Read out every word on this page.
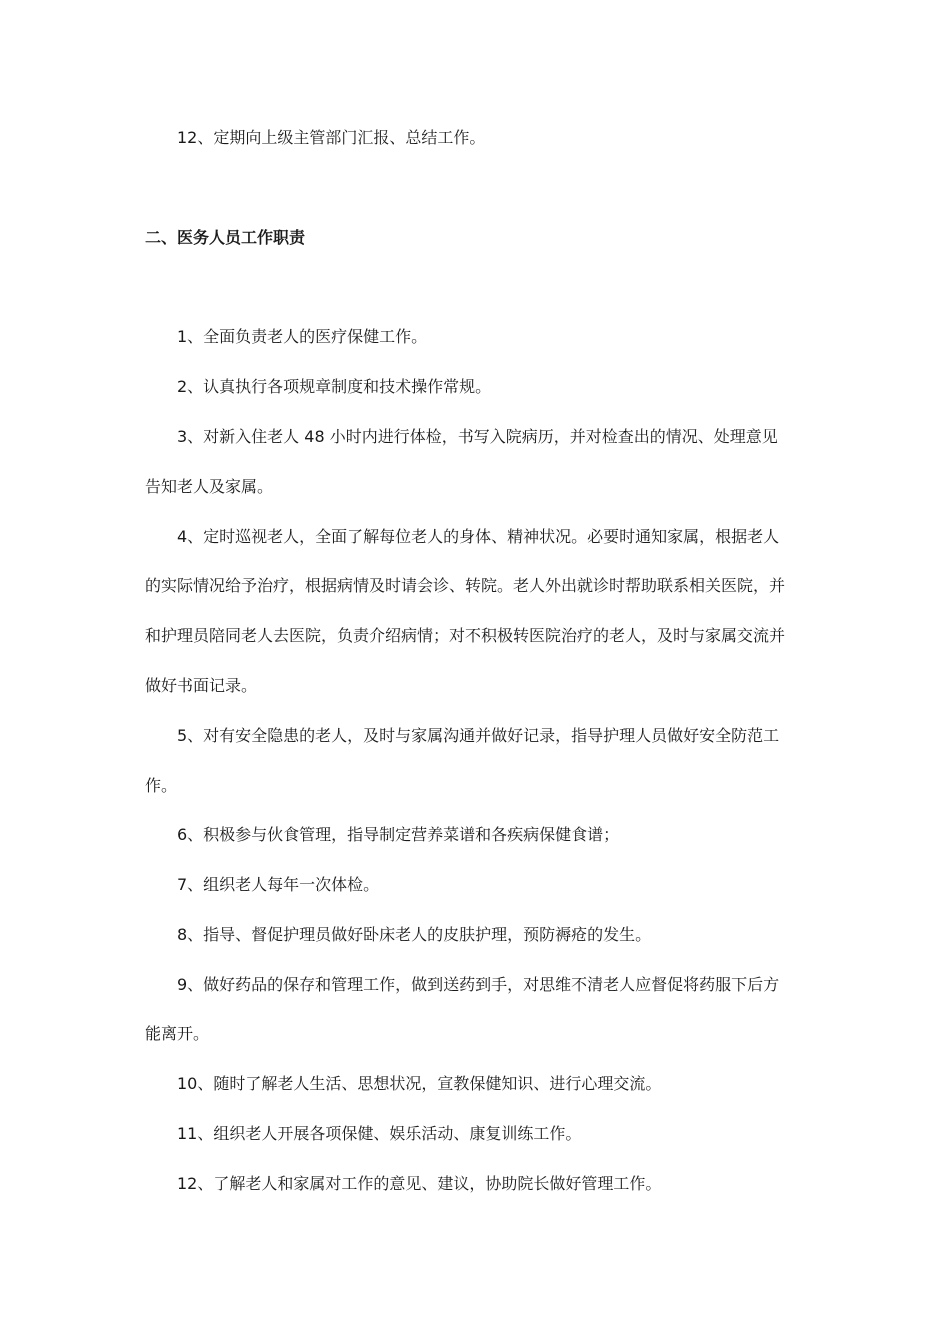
12、定期向上级主管部门汇报、总结工作。
二、医务人员工作职责
1、全面负责老人的医疗保健工作。
2、认真执行各项规章制度和技术操作常规。
3、对新入住老人 48 小时内进行体检，书写入院病历，并对检查出的情况、处理意见
告知老人及家属。
4、定时巡视老人，全面了解每位老人的身体、精神状况。必要时通知家属，根据老人
的实际情况给予治疗，根据病情及时请会诊、转院。老人外出就诊时帮助联系相关医院，并
和护理员陪同老人去医院，负责介绍病情；对不积极转医院治疗的老人，及时与家属交流并
做好书面记录。
5、对有安全隐患的老人，及时与家属沟通并做好记录，指导护理人员做好安全防范工
作。
6、积极参与伙食管理，指导制定营养菜谱和各疾病保健食谱；
7、组织老人每年一次体检。
8、指导、督促护理员做好卧床老人的皮肤护理，预防褥疮的发生。
9、做好药品的保存和管理工作，做到送药到手，对思维不清老人应督促将药服下后方
能离开。
10、随时了解老人生活、思想状况，宣教保健知识、进行心理交流。
11、组织老人开展各项保健、娱乐活动、康复训练工作。
12、了解老人和家属对工作的意见、建议，协助院长做好管理工作。
